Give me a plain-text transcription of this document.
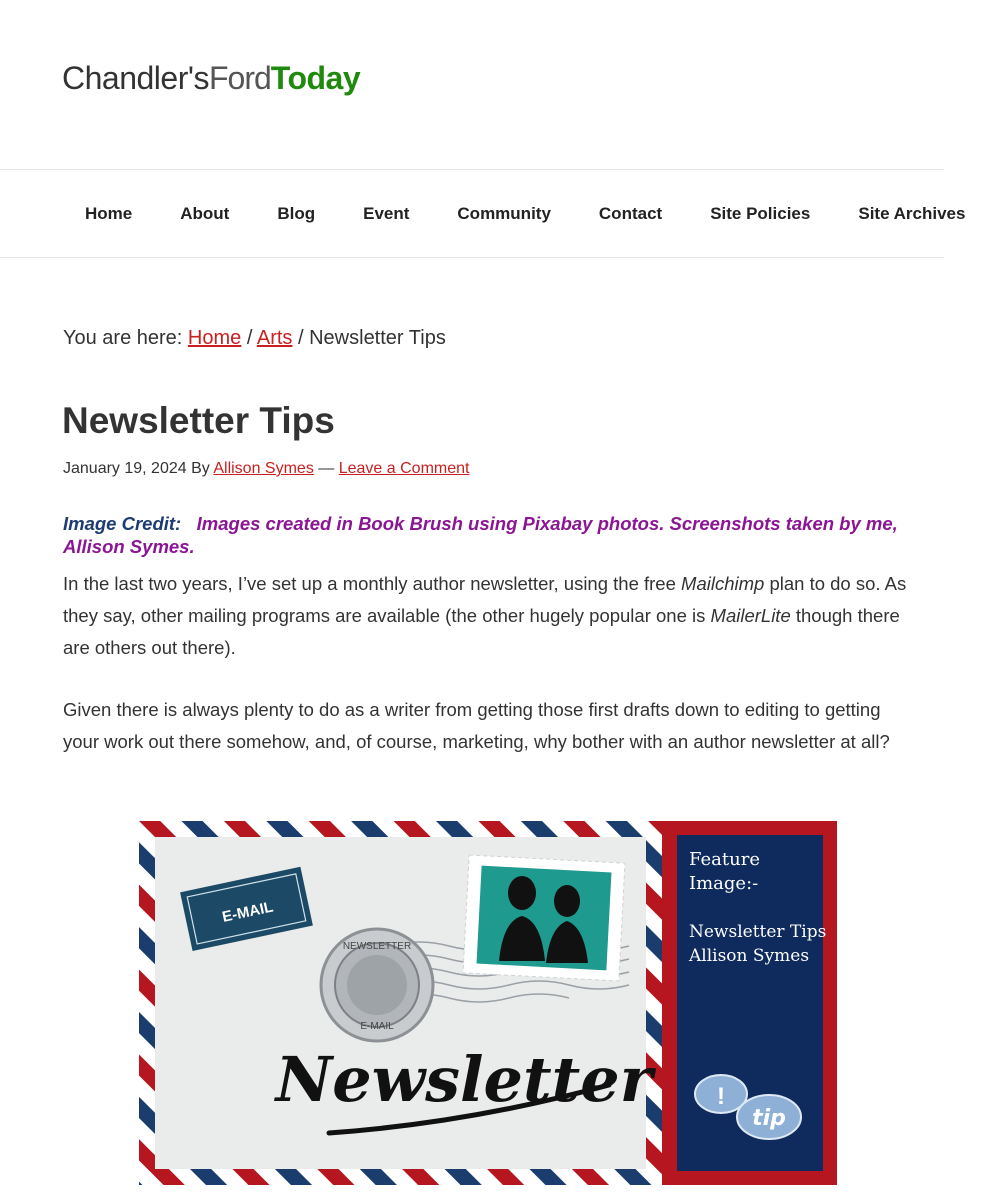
Chandler'sFordToday
Home	About	Blog	Event	Community	Contact	Site Policies	Site Archives
You are here: Home / Arts / Newsletter Tips
Newsletter Tips
January 19, 2024 By Allison Symes — Leave a Comment
Image Credit: Images created in Book Brush using Pixabay photos. Screenshots taken by me, Allison Symes.

In the last two years, I’ve set up a monthly author newsletter, using the free Mailchimp plan to do so. As they say, other mailing programs are available (the other hugely popular one is MailerLite though there are others out there).

Given there is always plenty to do as a writer from getting those first drafts down to editing to getting your work out there somehow, and, of course, marketing, why bother with an author newsletter at all?

E-MAIL
NEWSLETTER
E-MAIL
Newsletter
Feature
Image:-
Newsletter Tips
Allison Symes
!
tip
